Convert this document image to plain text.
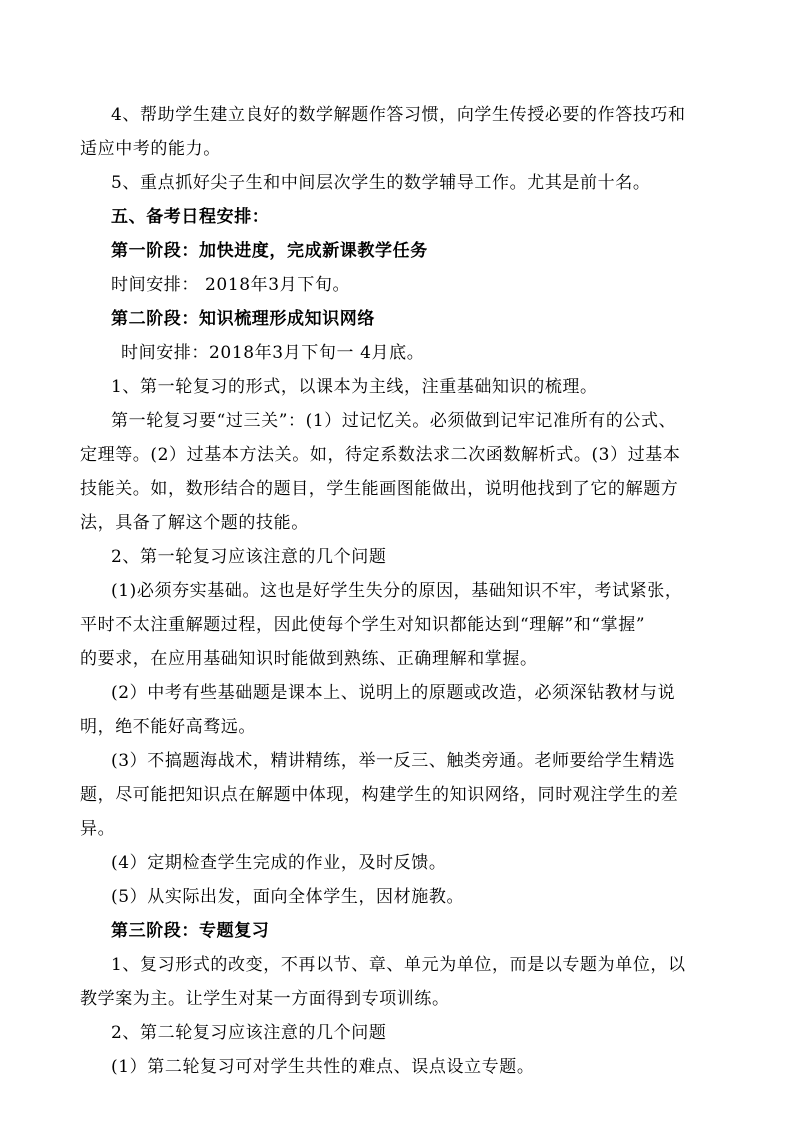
4、帮助学生建立良好的数学解题作答习惯，向学生传授必要的作答技巧和
适应中考的能力。
5、重点抓好尖子生和中间层次学生的数学辅导工作。尤其是前十名。
五、备考日程安排：
第一阶段：加快进度，完成新课教学任务
时间安排： 2018年3月下旬。
第二阶段：知识梳理形成知识网络
时间安排：2018年3月下旬一 4月底。
1、第一轮复习的形式，以课本为主线，注重基础知识的梳理。
第一轮复习要“过三关”：(1）过记忆关。必须做到记牢记准所有的公式、
定理等。(2）过基本方法关。如，待定系数法求二次函数解析式。(3）过基本
技能关。如，数形结合的题目，学生能画图能做出，说明他找到了它的解题方
法，具备了解这个题的技能。
2、第一轮复习应该注意的几个问题
(1)必须夯实基础。这也是好学生失分的原因，基础知识不牢，考试紧张，
平时不太注重解题过程，因此使每个学生对知识都能达到“理解”和“掌握”
的要求，在应用基础知识时能做到熟练、正确理解和掌握。
(2）中考有些基础题是课本上、说明上的原题或改造，必须深钻教材与说
明，绝不能好高骛远。
(3）不搞题海战术，精讲精练，举一反三、触类旁通。老师要给学生精选
题，尽可能把知识点在解题中体现，构建学生的知识网络，同时观注学生的差
异。
(4）定期检查学生完成的作业，及时反馈。
(5）从实际出发，面向全体学生，因材施教。
第三阶段：专题复习
1、复习形式的改变，不再以节、章、单元为单位，而是以专题为单位，以
教学案为主。让学生对某一方面得到专项训练。
2、第二轮复习应该注意的几个问题
(1）第二轮复习可对学生共性的难点、误点设立专题。
